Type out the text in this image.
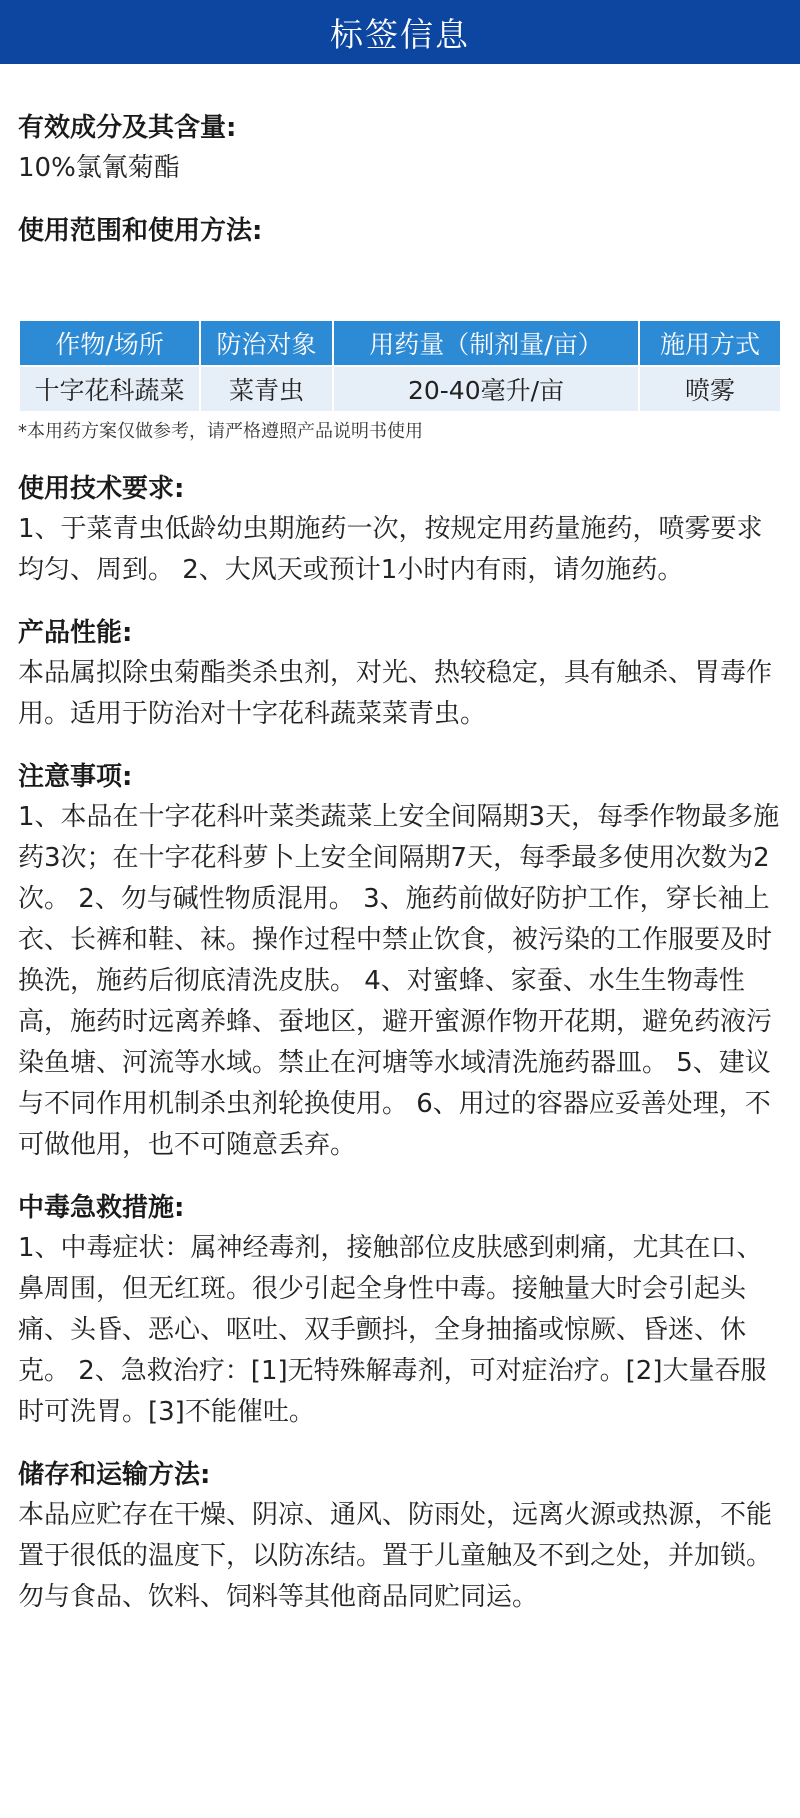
标签信息

有效成分及其含量:

10%氯氰菊酯

使用范围和使用方法:

作物/场所	防治对象	用药量（制剂量/亩）	施用方式
十字花科蔬菜	菜青虫	20-40毫升/亩	喷雾
*本用药方案仅做参考，请严格遵照产品说明书使用

使用技术要求:

1、于菜青虫低龄幼虫期施药一次，按规定用药量施药，喷雾要求均匀、周到。 2、大风天或预计1小时内有雨，请勿施药。

产品性能:

本品属拟除虫菊酯类杀虫剂，对光、热较稳定，具有触杀、胃毒作用。适用于防治对十字花科蔬菜菜青虫。

注意事项:

1、本品在十字花科叶菜类蔬菜上安全间隔期3天，每季作物最多施药3次；在十字花科萝卜上安全间隔期7天，每季最多使用次数为2次。 2、勿与碱性物质混用。 3、施药前做好防护工作，穿长袖上衣、长裤和鞋、袜。操作过程中禁止饮食，被污染的工作服要及时换洗，施药后彻底清洗皮肤。 4、对蜜蜂、家蚕、水生生物毒性高，施药时远离养蜂、蚕地区，避开蜜源作物开花期，避免药液污染鱼塘、河流等水域。禁止在河塘等水域清洗施药器皿。 5、建议与不同作用机制杀虫剂轮换使用。 6、用过的容器应妥善处理，不可做他用，也不可随意丢弃。

中毒急救措施:

1、中毒症状：属神经毒剂，接触部位皮肤感到刺痛，尤其在口、鼻周围，但无红斑。很少引起全身性中毒。接触量大时会引起头痛、头昏、恶心、呕吐、双手颤抖，全身抽搐或惊厥、昏迷、休克。 2、急救治疗：[1]无特殊解毒剂，可对症治疗。[2]大量吞服时可洗胃。[3]不能催吐。

储存和运输方法:

本品应贮存在干燥、阴凉、通风、防雨处，远离火源或热源，不能置于很低的温度下，以防冻结。置于儿童触及不到之处，并加锁。勿与食品、饮料、饲料等其他商品同贮同运。
